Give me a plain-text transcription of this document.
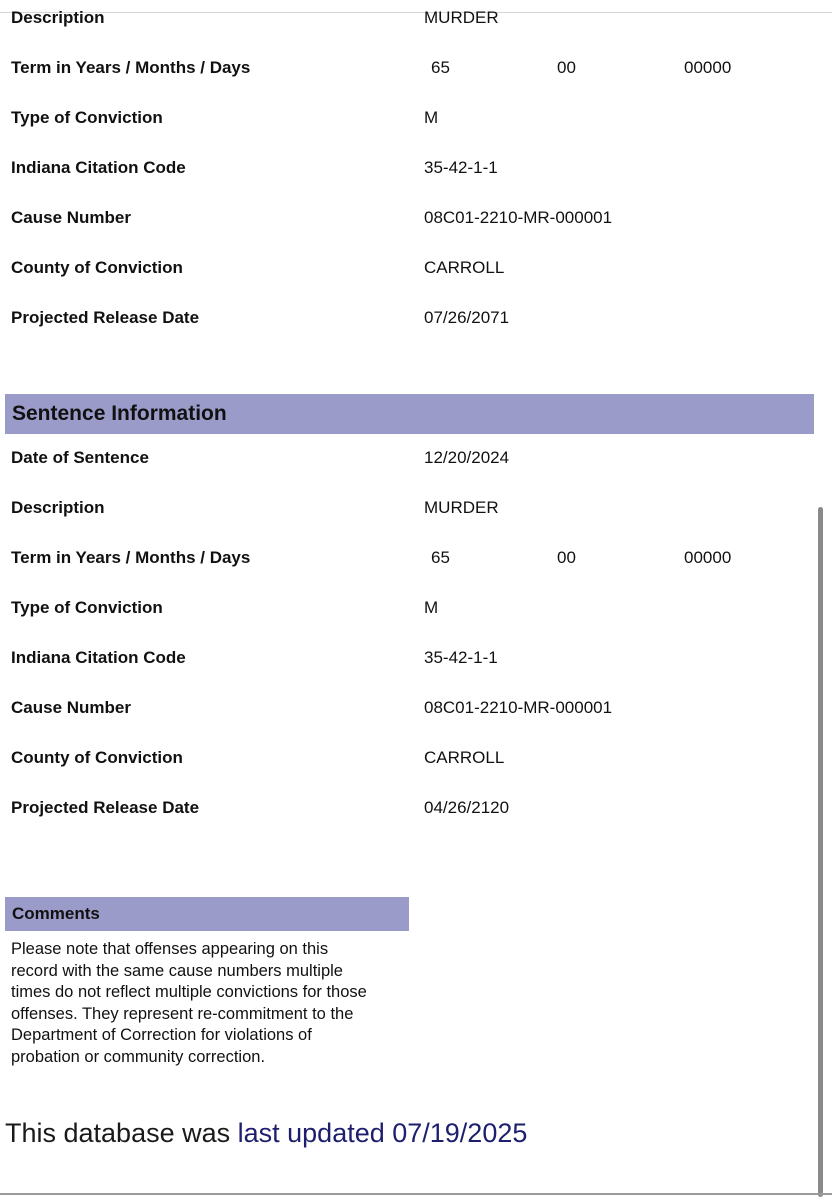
Description	MURDER
Term in Years / Months / Days	65	00	00000
Type of Conviction	M
Indiana Citation Code	35-42-1-1
Cause Number	08C01-2210-MR-000001
County of Conviction	CARROLL
Projected Release Date	07/26/2071
Sentence Information
Date of Sentence	12/20/2024
Description	MURDER
Term in Years / Months / Days	65	00	00000
Type of Conviction	M
Indiana Citation Code	35-42-1-1
Cause Number	08C01-2210-MR-000001
County of Conviction	CARROLL
Projected Release Date	04/26/2120
Comments
Please note that offenses appearing on this
record with the same cause numbers multiple
times do not reflect multiple convictions for those
offenses. They represent re-commitment to the
Department of Correction for violations of
probation or community correction.
This database was last updated 07/19/2025
